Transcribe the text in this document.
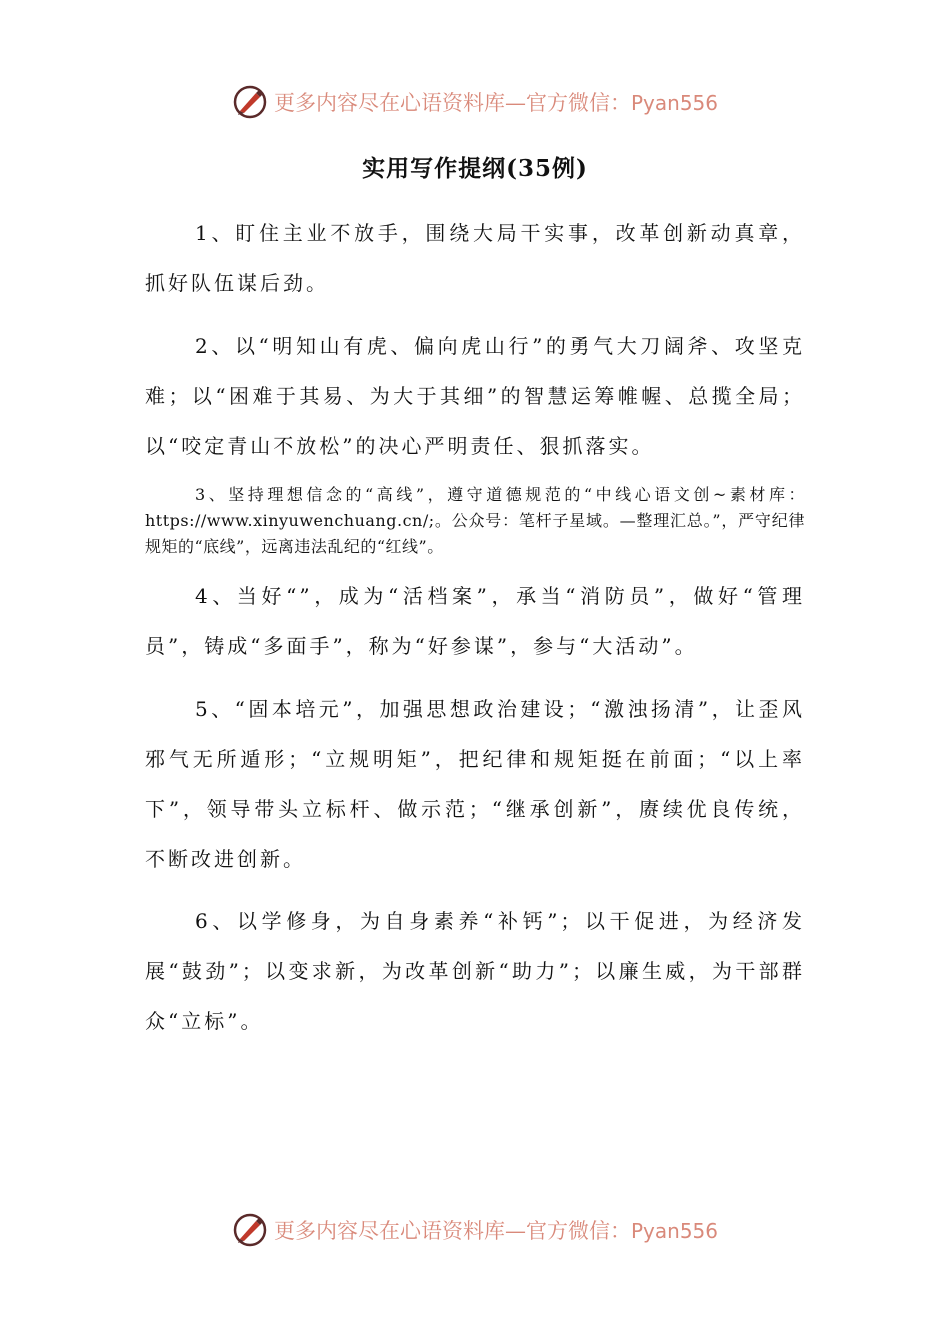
更多内容尽在心语资料库—官方微信：Pyan556
实用写作提纲(35例)

1、盯住主业不放手，围绕大局干实事，改革创新动真章，抓好队伍谋后劲。

2、以“明知山有虎、偏向虎山行”的勇气大刀阔斧、攻坚克难；以“困难于其易、为大于其细”的智慧运筹帷幄、总揽全局；以“咬定青山不放松”的决心严明责任、狠抓落实。

3、坚持理想信念的“高线”，遵守道德规范的“中线心语文创~素材库：https://www.xinyuwenchuang.cn/;。公众号：笔杆子星域。—整理汇总。”，严守纪律规矩的“底线”，远离违法乱纪的“红线”。

4、当好“”，成为“活档案”，承当“消防员”，做好“管理员”，铸成“多面手”，称为“好参谋”，参与“大活动”。

5、“固本培元”，加强思想政治建设；“激浊扬清”，让歪风邪气无所遁形；“立规明矩”，把纪律和规矩挺在前面；“以上率下”，领导带头立标杆、做示范；“继承创新”，赓续优良传统，不断改进创新。

6、以学修身，为自身素养“补钙”；以干促进，为经济发展“鼓劲”；以变求新，为改革创新“助力”；以廉生威，为干部群众“立标”。

更多内容尽在心语资料库—官方微信：Pyan556
